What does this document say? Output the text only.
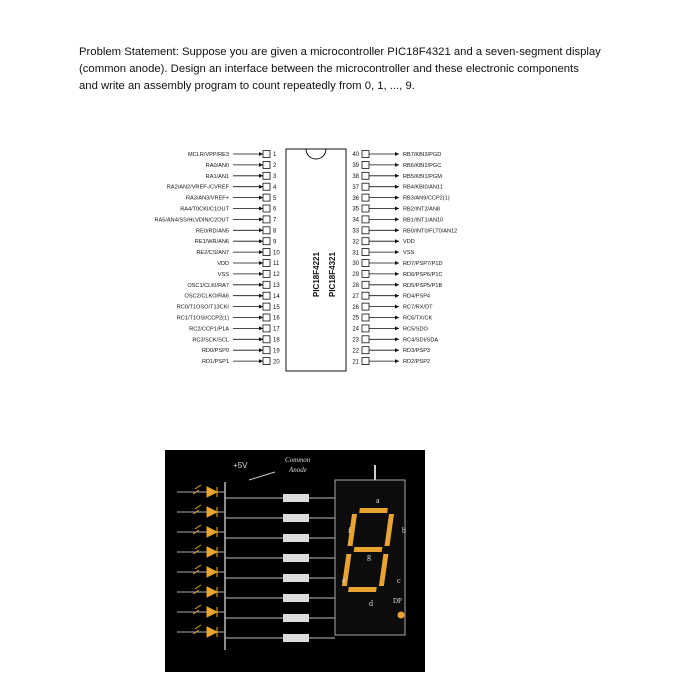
Problem Statement: Suppose you are given a microcontroller PIC18F4321 and a seven-segment display

(common anode). Design an interface between the microcontroller and these electronic components

and write an assembly program to count repeatedly from 0, 1, ..., 9.

MCLR/VPP/RE3	1
RA0/AN0	2
RA1/AN1	3
RA2/AN2/VREF-/CVREF	4
RA3/AN3/VREF+	5
RA4/T0CKI/C1OUT	6
RA5/AN4/SS/HLVDIN/C2OUT	7
RE0/RD/AN5	8
RE1/WR/AN6	9
RE2/CS/AN7	10
VDD	11
VSS	12
OSC1/CLKI/RA7	13
OSC2/CLKO/RA6	14
RC0/T1OSO/T13CKI	15
RC1/T1OSI/CCP2(1)	16
RC2/CCP1/P1A	17
RC3/SCK/SCL	18
RD0/PSP0	19
RD1/PSP1	20
40	RB7/KBI3/PGD
39	RB6/KBI2/PGC
38	RB5/KBI1/PGM
37	RB4/KBI0/AN11
36	RB3/AN9/CCP2(1)
35	RB2/INT2/AN8
34	RB1/INT1/AN10
33	RB0/INT0/FLT0/AN12
32	VDD
31	VSS
30	RD7/PSP7/P1D
29	RD6/PSP6/P1C
28	RD5/PSP5/P1B
27	RD4/PSP4
26	RC7/RX/DT
25	RC6/TX/CK
24	RC5/SDO
23	RC4/SDI/SDA
22	RD3/PSP3
21	RD2/PSP2
PIC18F4221 PIC18F4321
+5V
Common
Anode
a
b
c
d
e
f
g
DP
